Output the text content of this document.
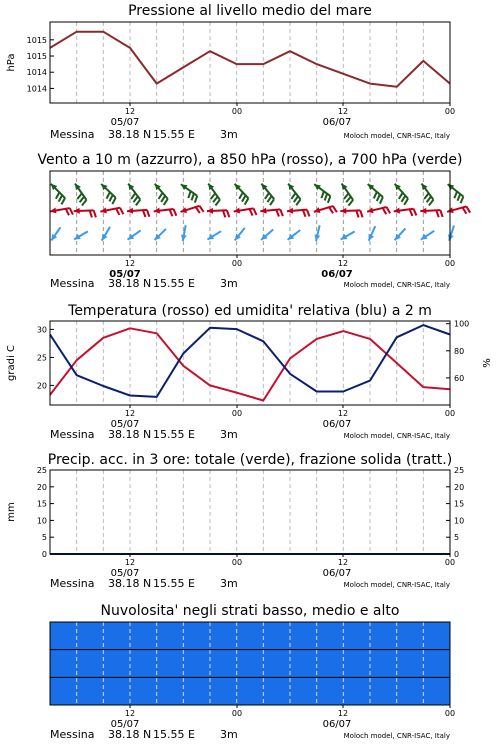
Pressione al livello medio del mare
1014
1014
1015
1015
hPa
12	00	12	00
05/07	06/07
Messina 38.18 N 15.55 E 3m	Moloch model, CNR-ISAC, Italy
Vento a 10 m (azzurro), a 850 hPa (rosso), a 700 hPa (verde)
12	00	12	00
05/07	06/07
Messina 38.18 N 15.55 E 3m	Moloch model, CNR-ISAC, Italy
Temperatura (rosso) ed umidita' relativa (blu) a 2 m
20
25
30
gradi C	60
80
100
%
12	00	12	00
05/07	06/07
Messina 38.18 N 15.55 E 3m	Moloch model, CNR-ISAC, Italy
Precip. acc. in 3 ore: totale (verde), frazione solida (tratt.)
0
5
10
15
20
25
mm
0
5
10
15
20
25
12	00	12	00
05/07	06/07
Messina 38.18 N 15.55 E 3m	Moloch model, CNR-ISAC, Italy
Nuvolosita' negli strati basso, medio e alto
12	00	12	00
05/07	06/07
Messina 38.18 N 15.55 E 3m	Moloch model, CNR-ISAC, Italy
